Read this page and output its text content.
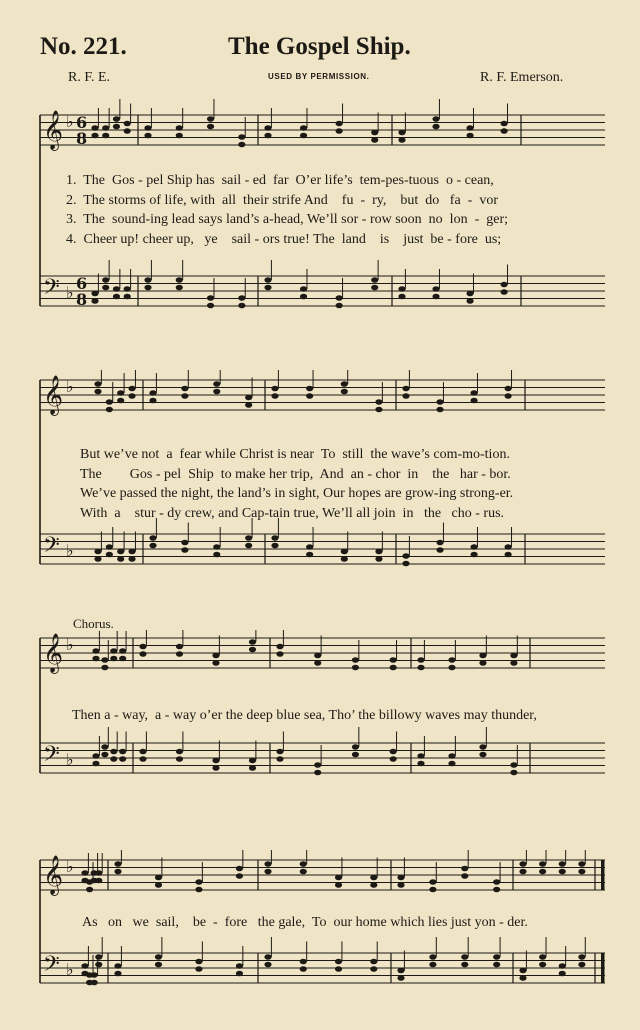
No. 221.	The Gospel Ship.
R. F. E.	USED BY PERMISSION.	R. F. Emerson.
𝄞 ♭ 6
8
𝄢 ♭ 6
8
1.  The  Gos - pel Ship has  sail - ed  far  O’er life’s  tem-pes-tuous  o - cean,
2.  The storms of life, with  all  their strife And    fu  -  ry,    but  do   fa  -  vor
3.  The  sound-ing lead says land’s a-head, We’ll sor - row soon  no  lon  -  ger;
4.  Cheer up! cheer up,   ye    sail - ors true! The  land    is    just  be - fore  us;
𝄞 ♭
𝄢 ♭
But we’ve not  a  fear while Christ is near  To  still  the wave’s com-mo-tion.
The        Gos - pel  Ship  to make her trip,  And  an - chor  in    the   har - bor.
We’ve passed the night, the land’s in sight, Our hopes are grow-ing strong-er.
With  a    stur - dy crew, and Cap-tain true, We’ll all join  in   the   cho - rus.
Chorus.
𝄞 ♭
𝄢 ♭
Then a - way,  a - way o’er the deep blue sea, Tho’ the billowy waves may thunder,
𝄞 ♭
𝄢 ♭
As   on   we  sail,    be  -  fore   the gale,  To  our home which lies just yon - der.
